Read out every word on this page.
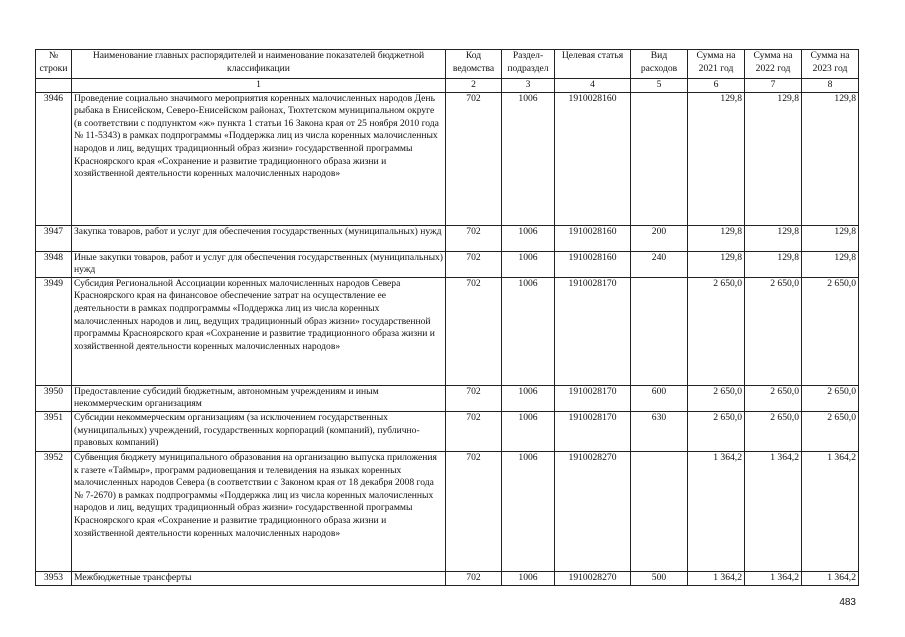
№ строки	Наименование главных распорядителей и наименование показателей бюджетной классификации	Код ведомства	Раздел-подраздел	Целевая статья	Вид расходов	Сумма на 2021 год	Сумма на 2022 год	Сумма на 2023 год
	1	2	3	4	5	6	7	8
3946	Проведение социально значимого мероприятия коренных малочисленных народов День рыбака в Енисейском, Северо-Енисейском районах, Тюхтетском муниципальном округе (в соответствии с подпунктом «ж» пункта 1 статьи 16 Закона края от 25 ноября 2010 года № 11-5343) в рамках подпрограммы «Поддержка лиц из числа коренных малочисленных народов и лиц, ведущих традиционный образ жизни» государственной программы Красноярского края «Сохранение и развитие традиционного образа жизни и хозяйственной деятельности коренных малочисленных народов»	702	1006	1910028160		129,8	129,8	129,8
3947	Закупка товаров, работ и услуг для обеспечения государственных (муниципальных) нужд	702	1006	1910028160	200	129,8	129,8	129,8
3948	Иные закупки товаров, работ и услуг для обеспечения государственных (муниципальных) нужд	702	1006	1910028160	240	129,8	129,8	129,8
3949	Субсидия Региональной Ассоциации коренных малочисленных народов Севера Красноярского края на финансовое обеспечение затрат на осуществление ее деятельности в рамках подпрограммы «Поддержка лиц из числа коренных малочисленных народов и лиц, ведущих традиционный образ жизни» государственной программы Красноярского края «Сохранение и развитие традиционного образа жизни и хозяйственной деятельности коренных малочисленных народов»	702	1006	1910028170		2 650,0	2 650,0	2 650,0
3950	Предоставление субсидий бюджетным, автономным учреждениям и иным некоммерческим организациям	702	1006	1910028170	600	2 650,0	2 650,0	2 650,0
3951	Субсидии некоммерческим организациям (за исключением государственных (муниципальных) учреждений, государственных корпораций (компаний), публично-правовых компаний)	702	1006	1910028170	630	2 650,0	2 650,0	2 650,0
3952	Субвенция бюджету муниципального образования на организацию выпуска приложения к газете «Таймыр», программ радиовещания и телевидения на языках коренных малочисленных народов Севера (в соответствии с Законом края от 18 декабря 2008 года № 7-2670) в рамках подпрограммы «Поддержка лиц из числа коренных малочисленных народов и лиц, ведущих традиционный образ жизни» государственной программы Красноярского края «Сохранение и развитие традиционного образа жизни и хозяйственной деятельности коренных малочисленных народов»	702	1006	1910028270		1 364,2	1 364,2	1 364,2
3953	Межбюджетные трансферты	702	1006	1910028270	500	1 364,2	1 364,2	1 364,2
483
